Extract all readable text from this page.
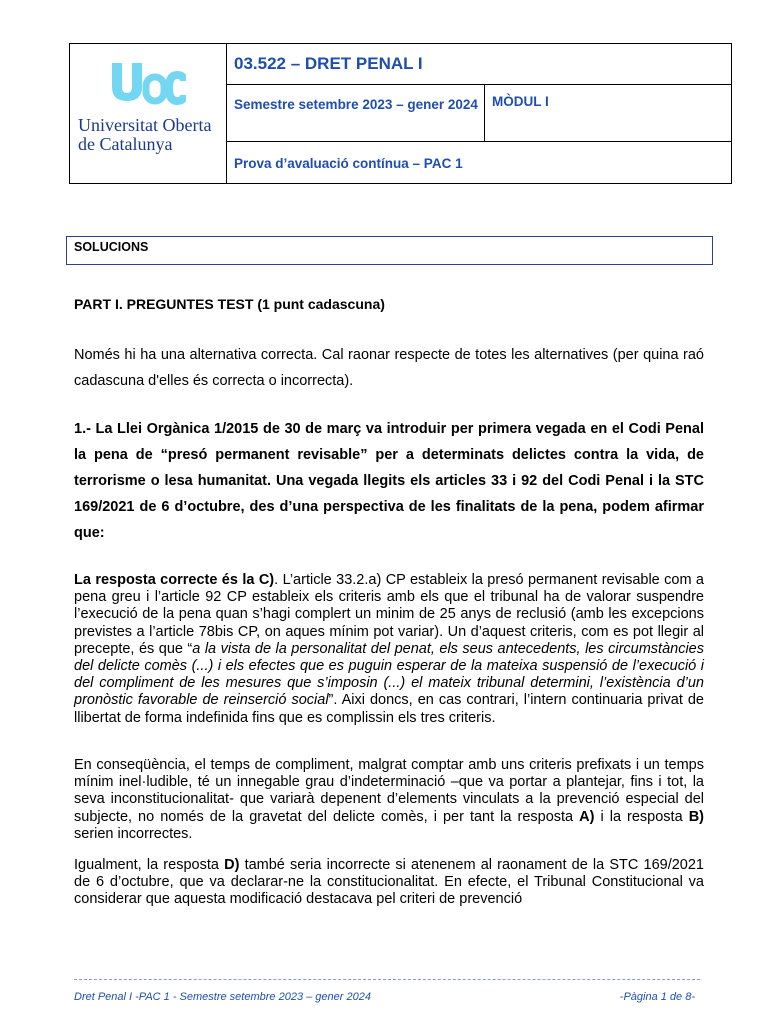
Universitat Oberta
de Catalunya
03.522 – DRET PENAL I
Semestre setembre 2023 – gener 2024	MÒDUL I
Prova d’avaluació contínua – PAC 1
SOLUCIONS
PART I. PREGUNTES TEST (1 punt cadascuna)

Només hi ha una alternativa correcta. Cal raonar respecte de totes les alternatives (per quina raó cadascuna d'elles és correcta o incorrecta).

1.- La Llei Orgànica 1/2015 de 30 de març va introduir per primera vegada en el Codi Penal la pena de “presó permanent revisable” per a determinats delictes contra la vida, de terrorisme o lesa humanitat. Una vegada llegits els articles 33 i 92 del Codi Penal i la STC 169/2021 de 6 d’octubre, des d’una perspectiva de les finalitats de la pena, podem afirmar que:

La resposta correcte és la C). L’article 33.2.a) CP estableix la presó permanent revisable com a pena greu i l’article 92 CP estableix els criteris amb els que el tribunal ha de valorar suspendre l’execució de la pena quan s’hagi complert un minim de 25 anys de reclusió (amb les excepcions previstes a l’article 78bis CP, on aques mínim pot variar). Un d’aquest criteris, com es pot llegir al precepte, és que “a la vista de la personalitat del penat, els seus antecedents, les circumstàncies del delicte comès (...) i els efectes que es puguin esperar de la mateixa suspensió de l’execució i del compliment de les mesures que s’imposin (...) el mateix tribunal determini, l’existència d’un pronòstic favorable de reinserció social”. Aixi doncs, en cas contrari, l’intern continuaria privat de llibertat de forma indefinida fins que es complissin els tres criteris.

En conseqüència, el temps de compliment, malgrat comptar amb uns criteris prefixats i un temps mínim inel·ludible, té un innegable grau d’indeterminació –que va portar a plantejar, fins i tot, la seva inconstitucionalitat- que variarà depenent d’elements vinculats a la prevenció especial del subjecte, no només de la gravetat del delicte comès, i per tant la resposta A) i la resposta B) serien incorrectes.

Igualment, la resposta D) també seria incorrecte si atenenem al raonament de la STC 169/2021 de 6 d’octubre, que va declarar-ne la constitucionalitat. En efecte, el Tribunal Constitucional va considerar que aquesta modificació destacava pel criteri de prevenció

Dret Penal I -PAC 1 - Semestre setembre 2023 – gener 2024	-Pàgina 1 de 8-
